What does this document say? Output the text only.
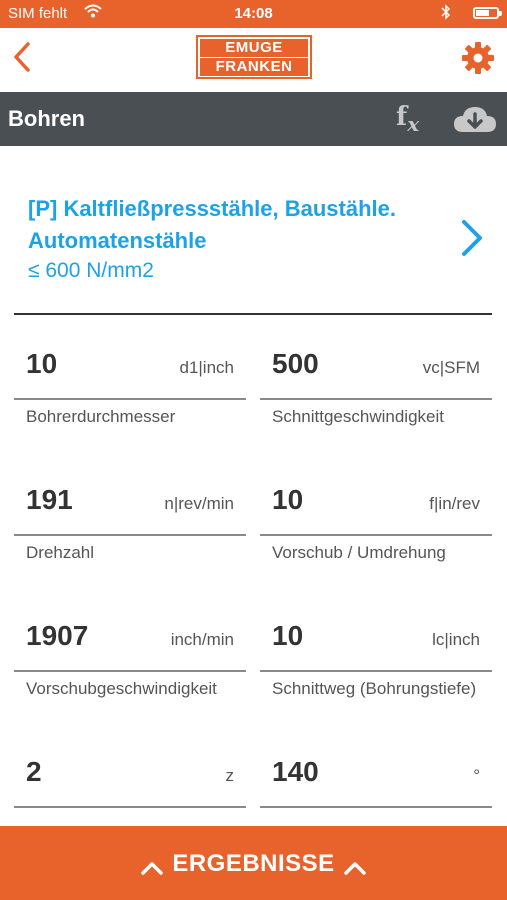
SIM fehlt	14:08
EMUGE
FRANKEN
Bohren	$f_x$
[P] Kaltfließpressstähle, Baustähle. Automatenstähle
≤ 600 N/mm2
10	d1|inch
Bohrerdurchmesser
500	vc|SFM
Schnittgeschwindigkeit
191	n|rev/min
Drehzahl
10	f|in/rev
Vorschub / Umdrehung
1907	inch/min
Vorschubgeschwindigkeit
10	lc|inch
Schnittweg (Bohrungstiefe)
2	z 140	°
ERGEBNISSE
